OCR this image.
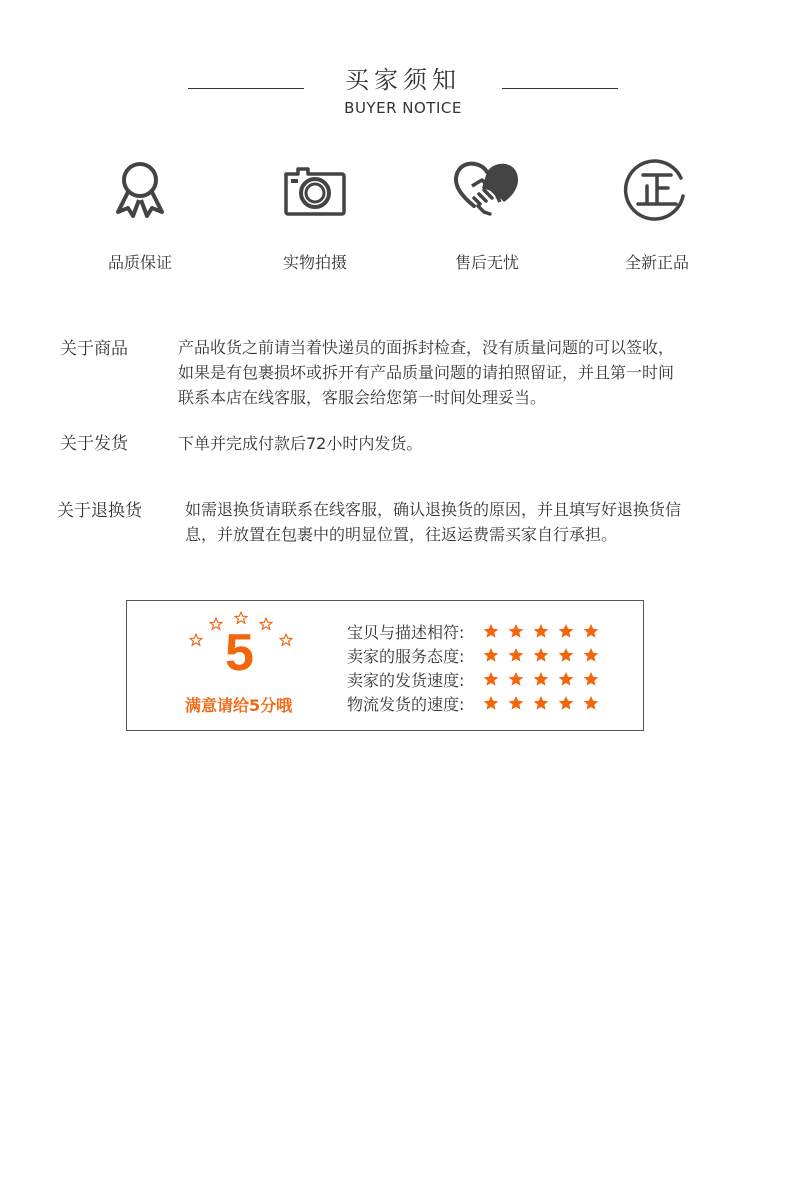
买家须知
BUYER NOTICE
品质保证	实物拍摄	售后无忧	全新正品
关于商品	产品收货之前请当着快递员的面拆封检查，没有质量问题的可以签收，
如果是有包裹损坏或拆开有产品质量问题的请拍照留证，并且第一时间
联系本店在线客服，客服会给您第一时间处理妥当。
关于发货	下单并完成付款后72小时内发货。
关于退换货	如需退换货请联系在线客服，确认退换货的原因，并且填写好退换货信
息，并放置在包裹中的明显位置，往返运费需买家自行承担。
5
满意请给5分哦
宝贝与描述相符:
卖家的服务态度:
卖家的发货速度:
物流发货的速度:
